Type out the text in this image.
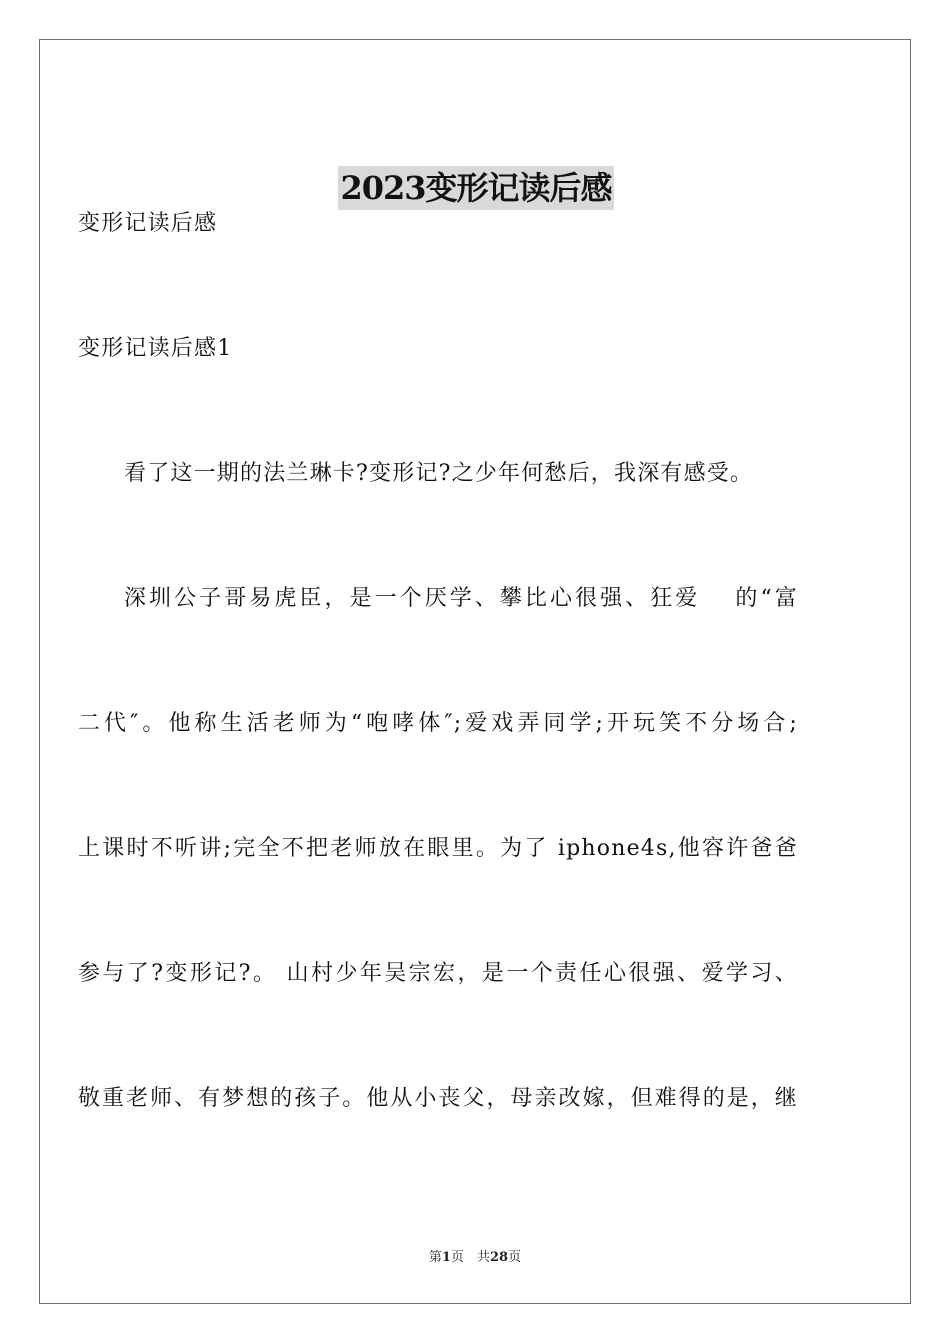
2023变形记读后感
变形记读后感
变形记读后感1
看了这一期的法兰琳卡?变形记?之少年何愁后，我深有感受。
深圳公子哥易虎臣，是一个厌学、攀比心很强、狂爱　 的“富
二代″。他称生活老师为“咆哮体″;爱戏弄同学;开玩笑不分场合;
上课时不听讲;完全不把老师放在眼里。为了 iphone4s,他容许爸爸
参与了?变形记?。 山村少年吴宗宏，是一个责任心很强、爱学习、
敬重老师、有梦想的孩子。他从小丧父，母亲改嫁，但难得的是，继
第1页　共28页
